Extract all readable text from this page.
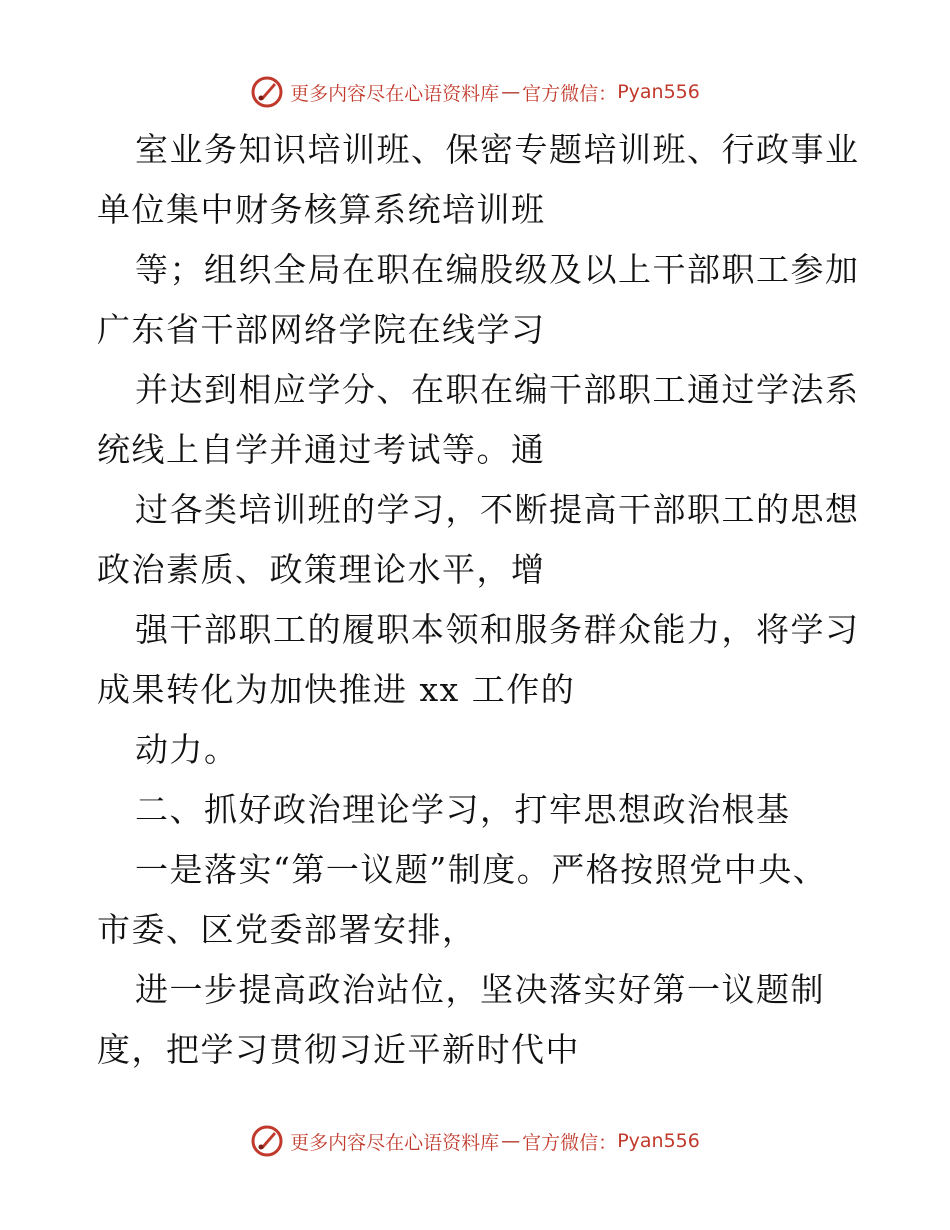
更多内容尽在心语资料库 — 官方微信： Pyan556
室业务知识培训班、保密专题培训班、行政事业
单位集中财务核算系统培训班
等；组织全局在职在编股级及以上干部职工参加
广东省干部网络学院在线学习
并达到相应学分、在职在编干部职工通过学法系
统线上自学并通过考试等。通
过各类培训班的学习，不断提高干部职工的思想
政治素质、政策理论水平，增
强干部职工的履职本领和服务群众能力，将学习
成果转化为加快推进 xx 工作的
动力。
二、抓好政治理论学习，打牢思想政治根基
一是落实“第一议题”制度。严格按照党中央、
市委、区党委部署安排，
进一步提高政治站位，坚决落实好第一议题制
度，把学习贯彻习近平新时代中
更多内容尽在心语资料库 — 官方微信： Pyan556
